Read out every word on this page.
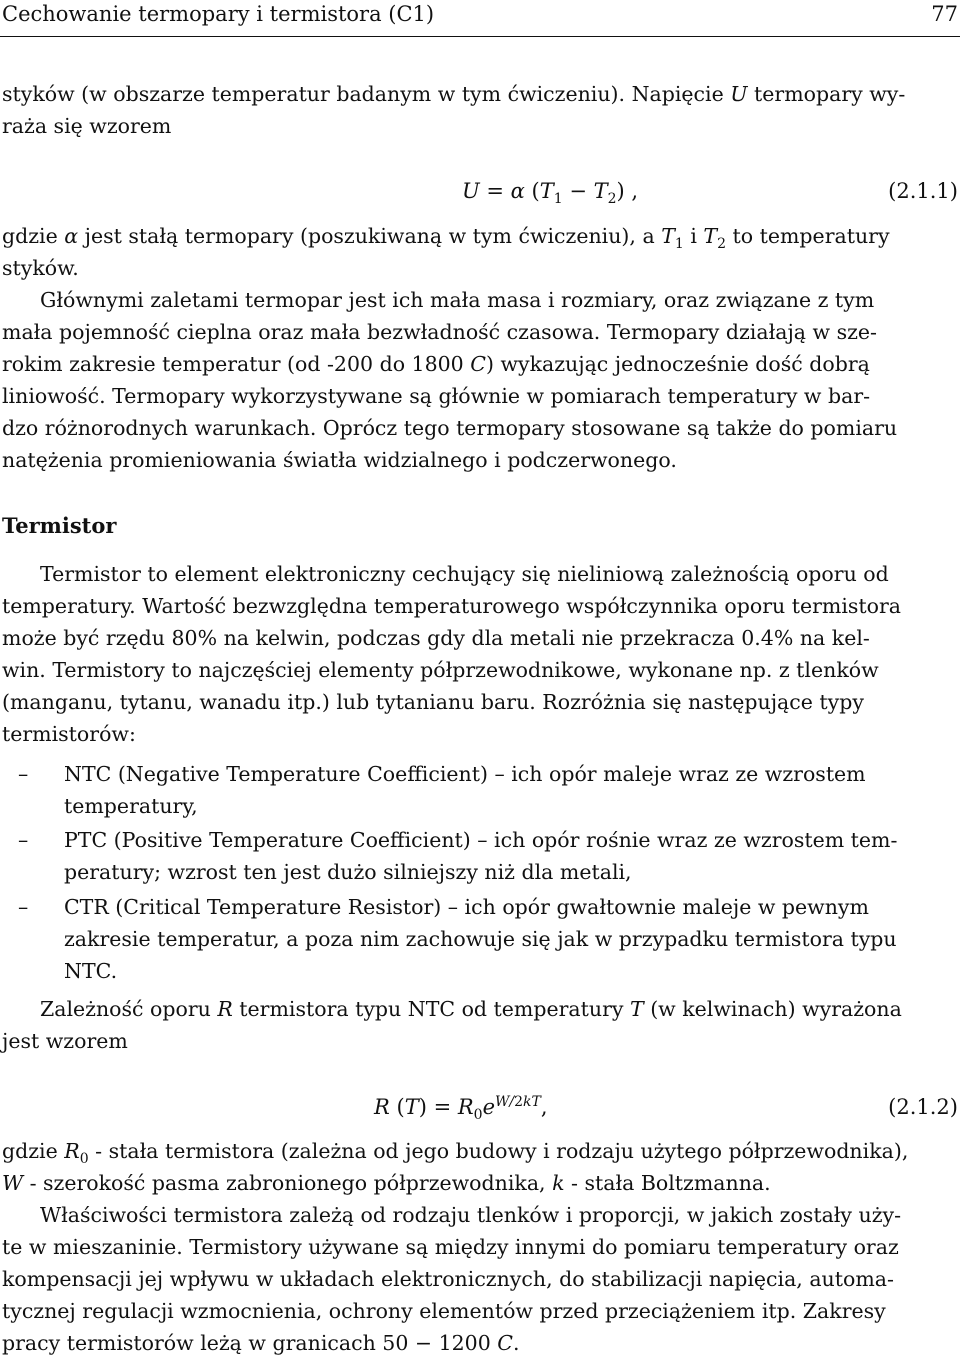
Cechowanie termopary i termistora (C1)	77
styków (w obszarze temperatur badanym w tym ćwiczeniu). Napięcie U termopary wy-
raża się wzorem
U = α $(T_1 - T_2)$ ,	(2.1.1)
gdzie α jest stałą termopary (poszukiwaną w tym ćwiczeniu), a $T_1$ i $T_2$ to temperatury
styków.
Głównymi zaletami termopar jest ich mała masa i rozmiary, oraz związane z tym
mała pojemność cieplna oraz mała bezwładność czasowa. Termopary działają w sze-
rokim zakresie temperatur (od -200 do 1800 C) wykazując jednocześnie dość dobrą
liniowość. Termopary wykorzystywane są głównie w pomiarach temperatury w bar-
dzo różnorodnych warunkach. Oprócz tego termopary stosowane są także do pomiaru
natężenia promieniowania światła widzialnego i podczerwonego.
Termistor
Termistor to element elektroniczny cechujący się nieliniową zależnością oporu od
temperatury. Wartość bezwzględna temperaturowego współczynnika oporu termistora
może być rzędu 80% na kelwin, podczas gdy dla metali nie przekracza 0.4% na kel-
win. Termistory to najczęściej elementy półprzewodnikowe, wykonane np. z tlenków
(manganu, tytanu, wanadu itp.) lub tytanianu baru. Rozróżnia się następujące typy
termistorów:
– NTC (Negative Temperature Coefficient) – ich opór maleje wraz ze wzrostem
temperatury,
– PTC (Positive Temperature Coefficient) – ich opór rośnie wraz ze wzrostem tem-
peratury; wzrost ten jest dużo silniejszy niż dla metali,
– CTR (Critical Temperature Resistor) – ich opór gwałtownie maleje w pewnym
zakresie temperatur, a poza nim zachowuje się jak w przypadku termistora typu
NTC.
Zależność oporu R termistora typu NTC od temperatury T (w kelwinach) wyrażona
jest wzorem
R $(T) = R_0e^{W/2kT}$,	(2.1.2)
gdzie $R_0$ - stała termistora (zależna od jego budowy i rodzaju użytego półprzewodnika),
W - szerokość pasma zabronionego półprzewodnika, k - stała Boltzmanna.
Właściwości termistora zależą od rodzaju tlenków i proporcji, w jakich zostały uży-
te w mieszaninie. Termistory używane są między innymi do pomiaru temperatury oraz
kompensacji jej wpływu w układach elektronicznych, do stabilizacji napięcia, automa-
tycznej regulacji wzmocnienia, ochrony elementów przed przeciążeniem itp. Zakresy
pracy termistorów leżą w granicach 50 − 1200 C.
